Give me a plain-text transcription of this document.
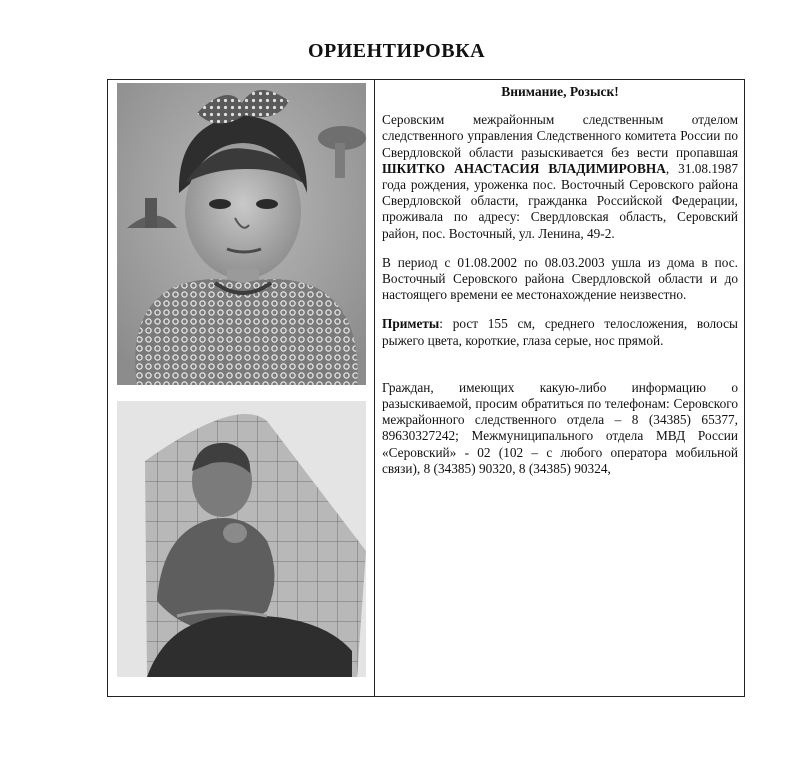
ОРИЕНТИРОВКА
Внимание, Розыск!

Серовским межрайонным следственным отделом следственного управления Следственного комитета России по Свердловской области разыскивается без вести пропавшая ШКИТКО АНАСТАСИЯ ВЛАДИМИРОВНА, 31.08.1987 года рождения, уроженка пос. Восточный Серовского района Свердловской области, гражданка Российской Федерации, проживала по адресу: Свердловская область, Серовский район, пос. Восточный, ул. Ленина, 49-2.

В период с 01.08.2002 по 08.03.2003 ушла из дома в пос. Восточный Серовского района Свердловской области и до настоящего времени ее местонахождение неизвестно.

Приметы: рост 155 см, среднего телосложения, волосы рыжего цвета, короткие, глаза серые, нос прямой.

Граждан, имеющих какую-либо информацию о разыскиваемой, просим обратиться по телефонам: Серовского межрайонного следственного отдела – 8 (34385) 65377, 89630327242; Межмуниципального отдела МВД России «Серовский» - 02 (102 – с любого оператора мобильной связи), 8 (34385) 90320, 8 (34385) 90324,
